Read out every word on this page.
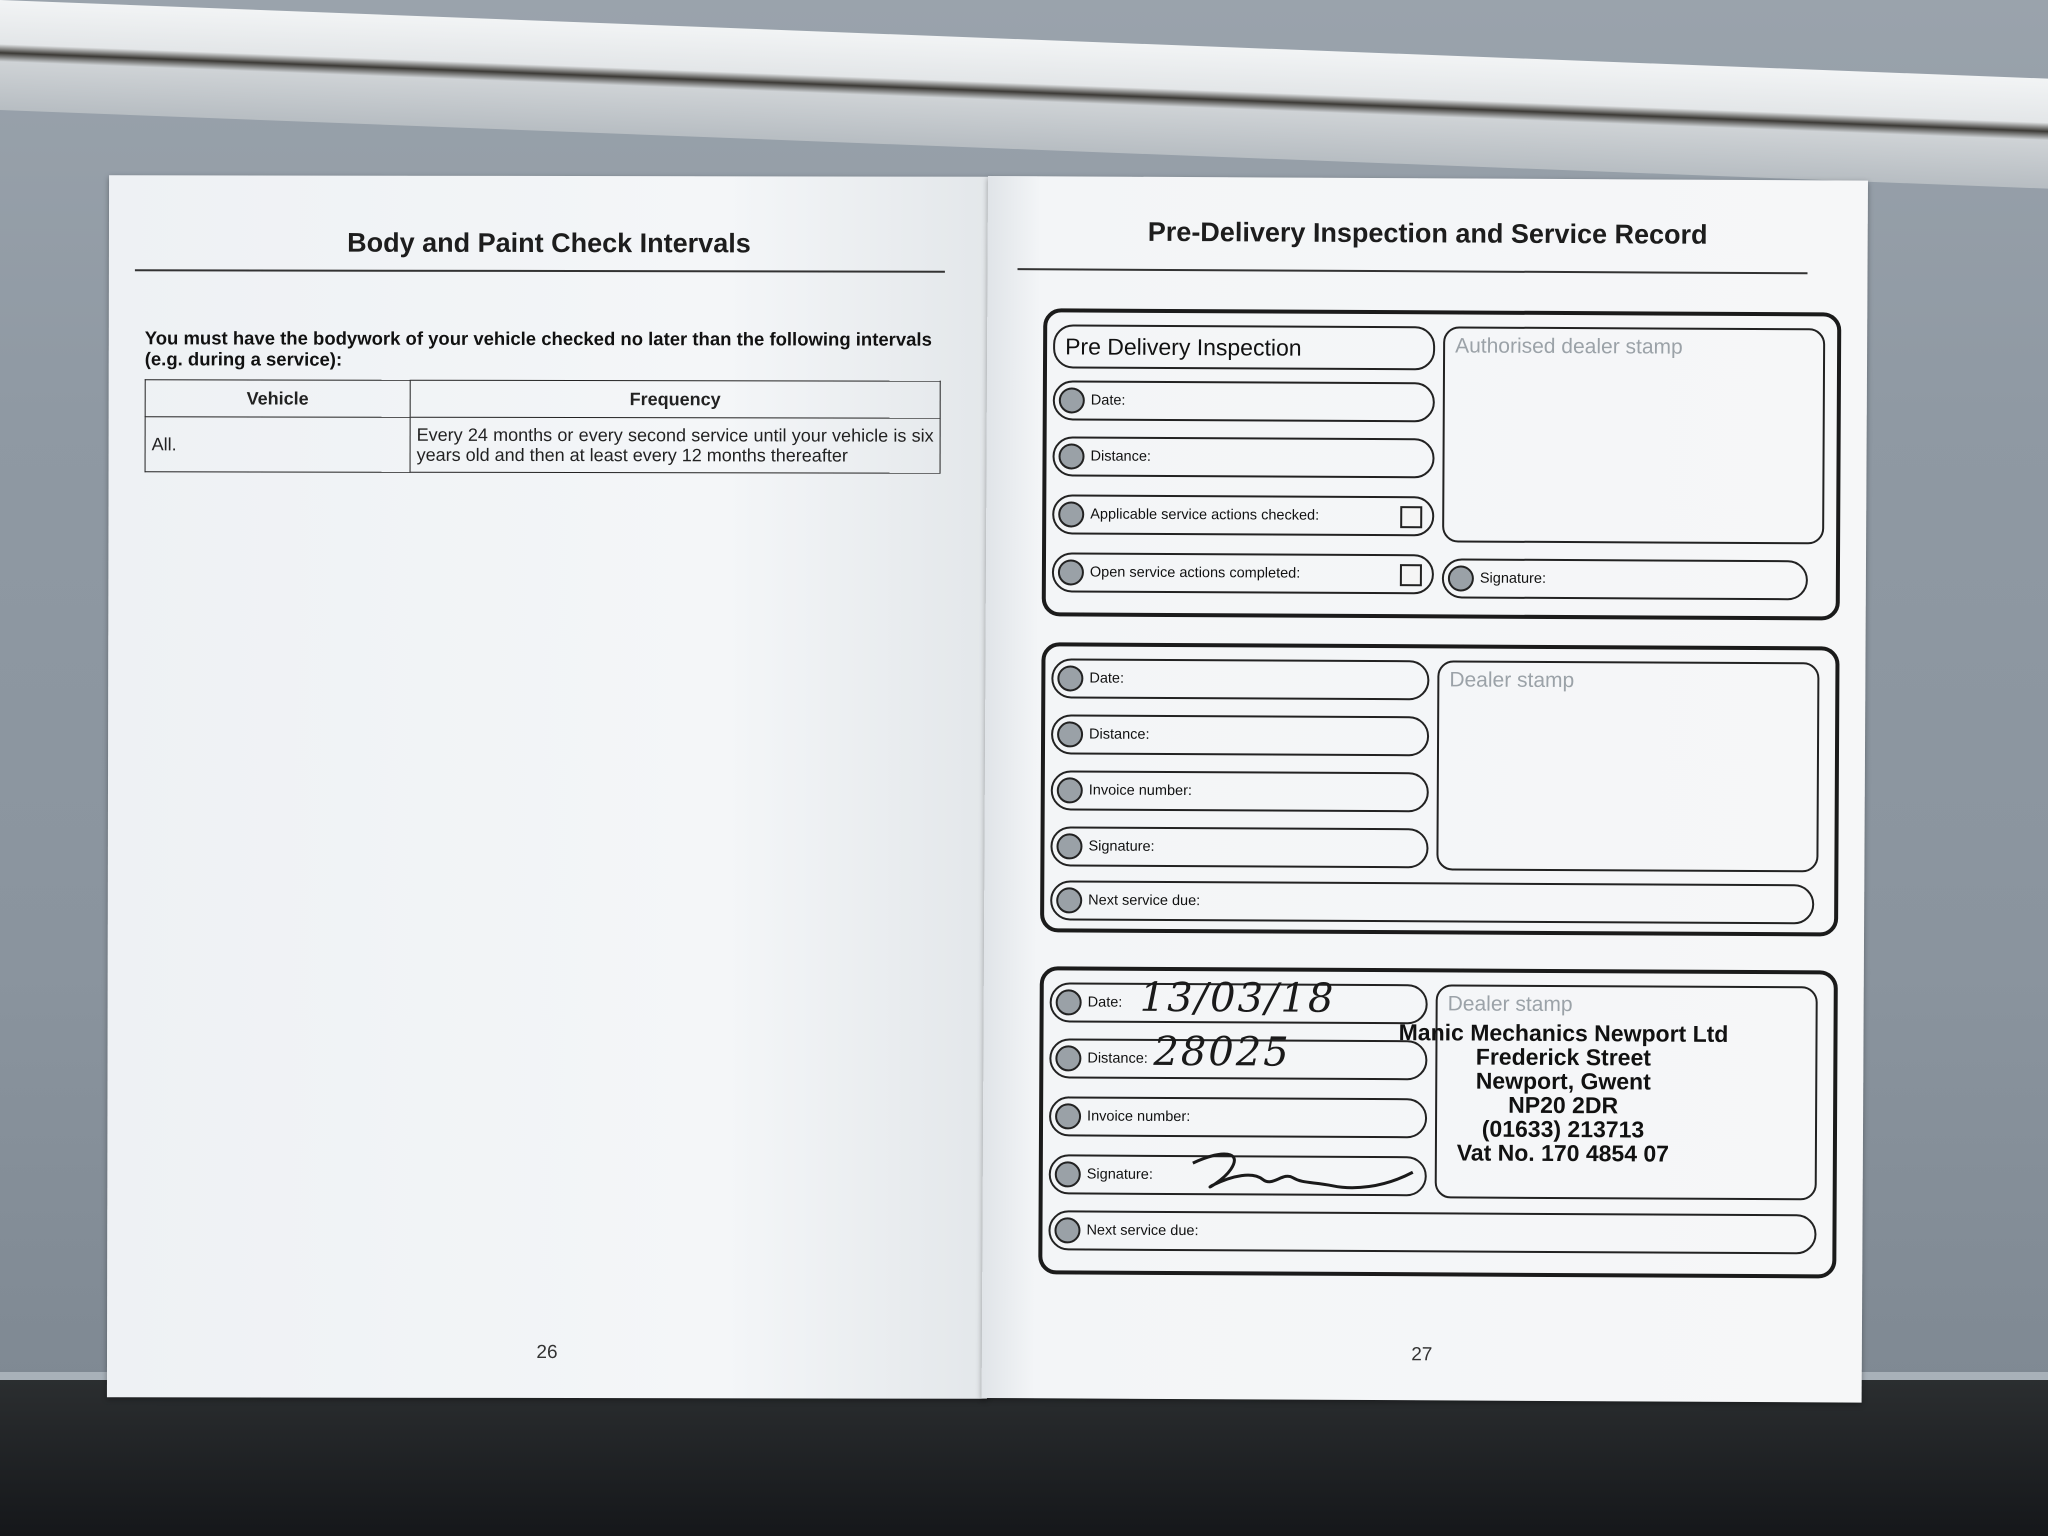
Body and Paint Check Intervals

You must have the bodywork of your vehicle checked no later than the following intervals (e.g. during a service):

Vehicle	Frequency
All.	Every 24 months or every second service until your vehicle is six years old and then at least every 12 months thereafter

26

Pre-Delivery Inspection and Service Record
Pre Delivery Inspection
Date:
Distance:
Applicable service actions checked:
Open service actions completed:
Authorised dealer stamp
Signature:
Date:
Distance:
Invoice number:
Signature:
Dealer stamp
Next service due:
Date: 13/03/18
Distance: 28025
Invoice number:
Signature:
Dealer stamp
Manic Mechanics Newport Ltd
Frederick Street
Newport, Gwent
NP20 2DR
(01633) 213713
Vat No. 170 4854 07
Next service due:

27
